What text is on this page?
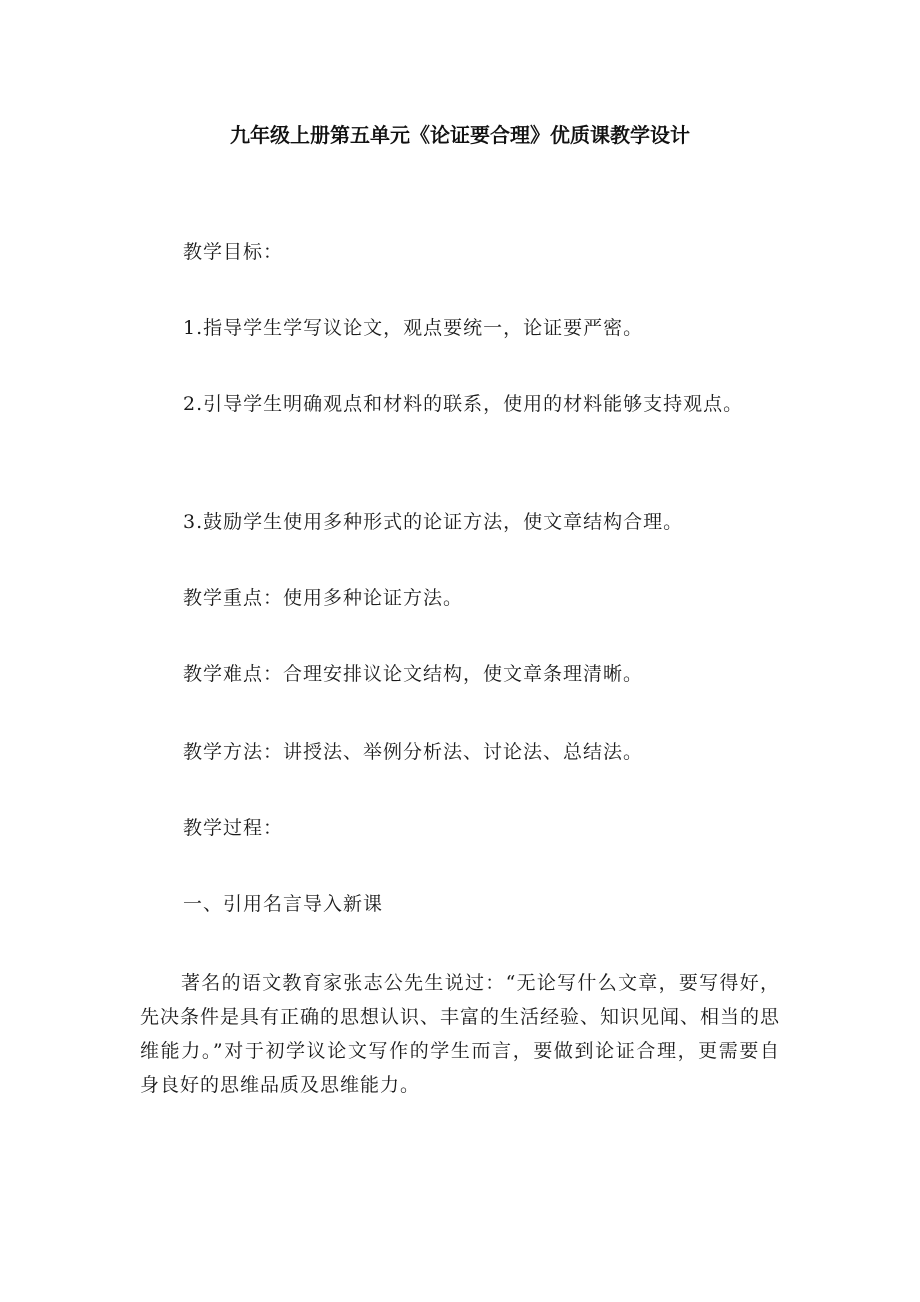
九年级上册第五单元《论证要合理》优质课教学设计

教学目标：

1.指导学生学写议论文，观点要统一，论证要严密。

2.引导学生明确观点和材料的联系，使用的材料能够支持观点。

3.鼓励学生使用多种形式的论证方法，使文章结构合理。

教学重点：使用多种论证方法。

教学难点：合理安排议论文结构，使文章条理清晰。

教学方法：讲授法、举例分析法、讨论法、总结法。

教学过程：

一、引用名言导入新课

著名的语文教育家张志公先生说过：“无论写什么文章，要写得好，先决条件是具有正确的思想认识、丰富的生活经验、知识见闻、相当的思维能力。”对于初学议论文写作的学生而言，要做到论证合理，更需要自身良好的思维品质及思维能力。
